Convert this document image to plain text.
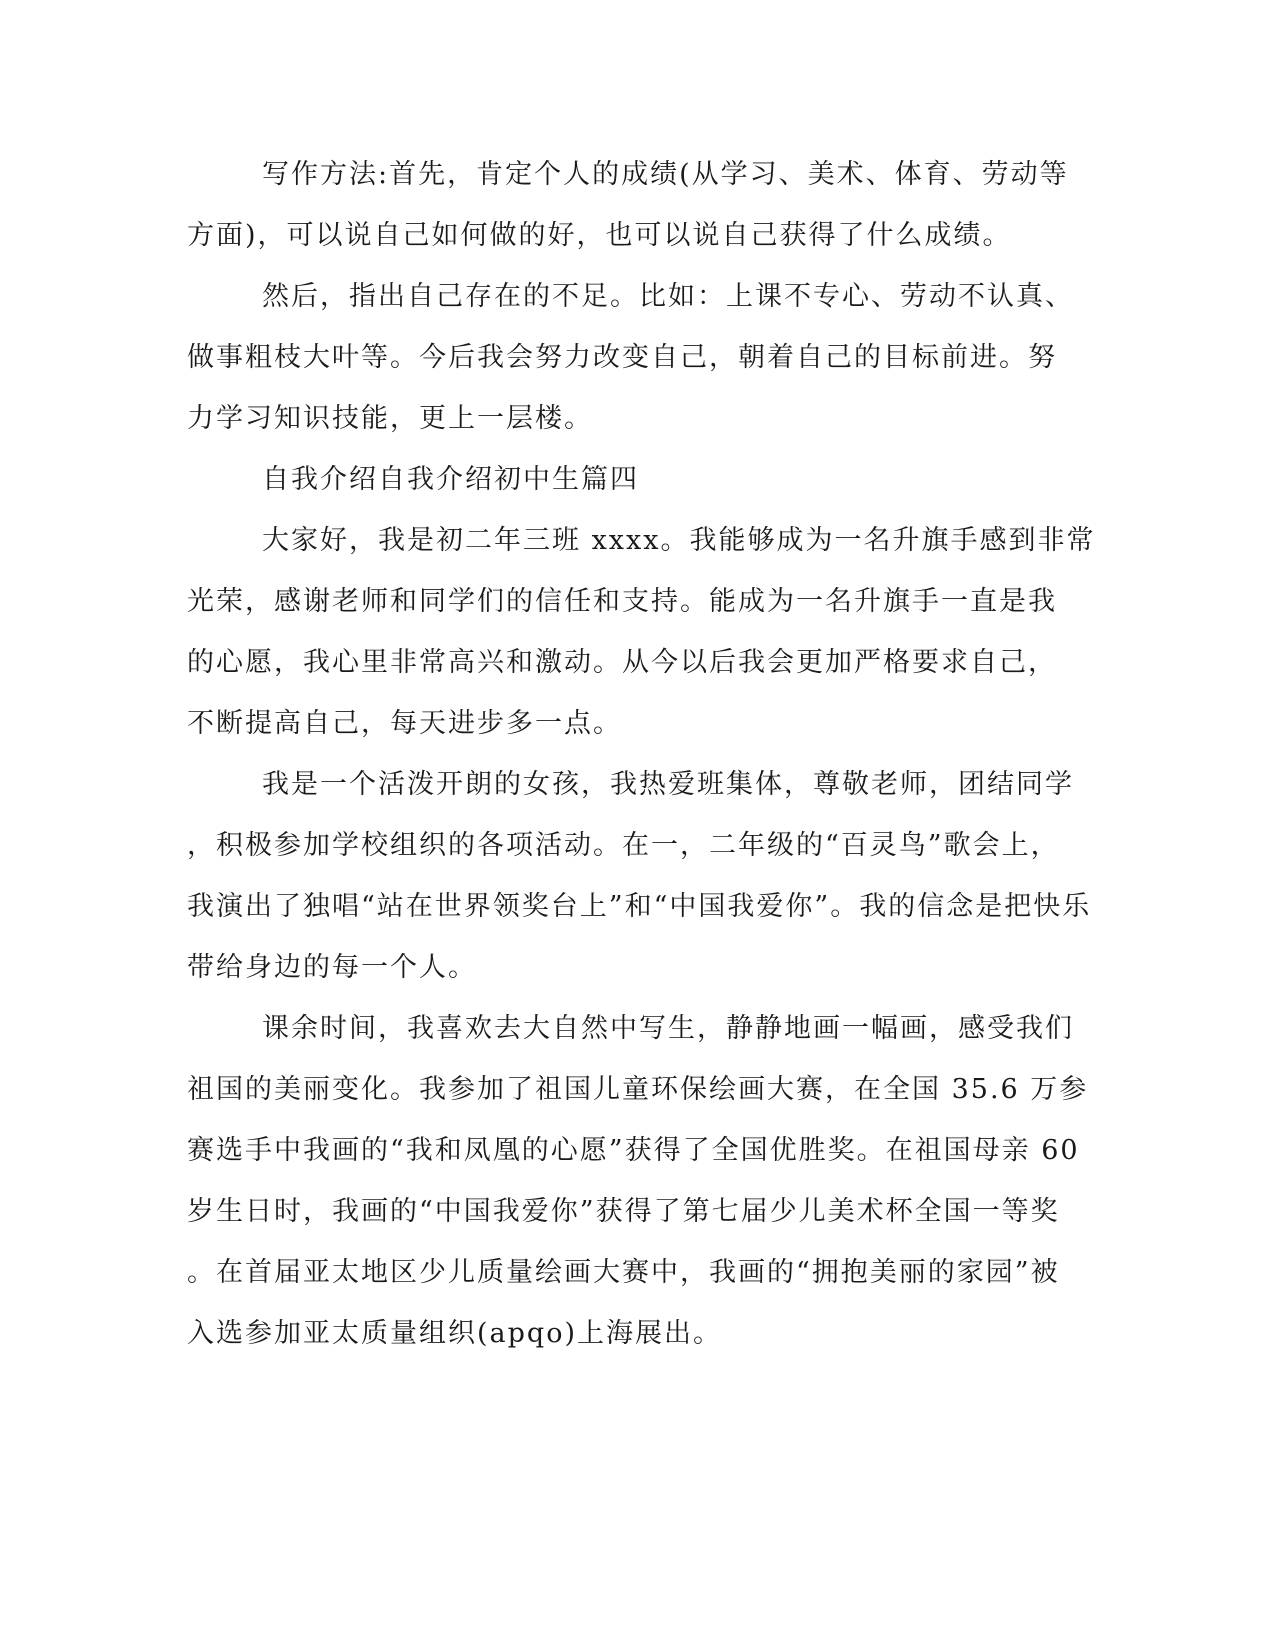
写作方法:首先，肯定个人的成绩(从学习、美术、体育、劳动等
方面)，可以说自己如何做的好，也可以说自己获得了什么成绩。
然后，指出自己存在的不足。比如：上课不专心、劳动不认真、
做事粗枝大叶等。今后我会努力改变自己，朝着自己的目标前进。努
力学习知识技能，更上一层楼。
自我介绍自我介绍初中生篇四
大家好，我是初二年三班 xxxx。我能够成为一名升旗手感到非常
光荣，感谢老师和同学们的信任和支持。能成为一名升旗手一直是我
的心愿，我心里非常高兴和激动。从今以后我会更加严格要求自己，
不断提高自己，每天进步多一点。
我是一个活泼开朗的女孩，我热爱班集体，尊敬老师，团结同学
，积极参加学校组织的各项活动。在一，二年级的“百灵鸟”歌会上，
我演出了独唱“站在世界领奖台上”和“中国我爱你”。我的信念是把快乐
带给身边的每一个人。
课余时间，我喜欢去大自然中写生，静静地画一幅画，感受我们
祖国的美丽变化。我参加了祖国儿童环保绘画大赛，在全国 35.6 万参
赛选手中我画的“我和凤凰的心愿”获得了全国优胜奖。在祖国母亲 60
岁生日时，我画的“中国我爱你”获得了第七届少儿美术杯全国一等奖
。在首届亚太地区少儿质量绘画大赛中，我画的“拥抱美丽的家园”被
入选参加亚太质量组织(apqo)上海展出。
